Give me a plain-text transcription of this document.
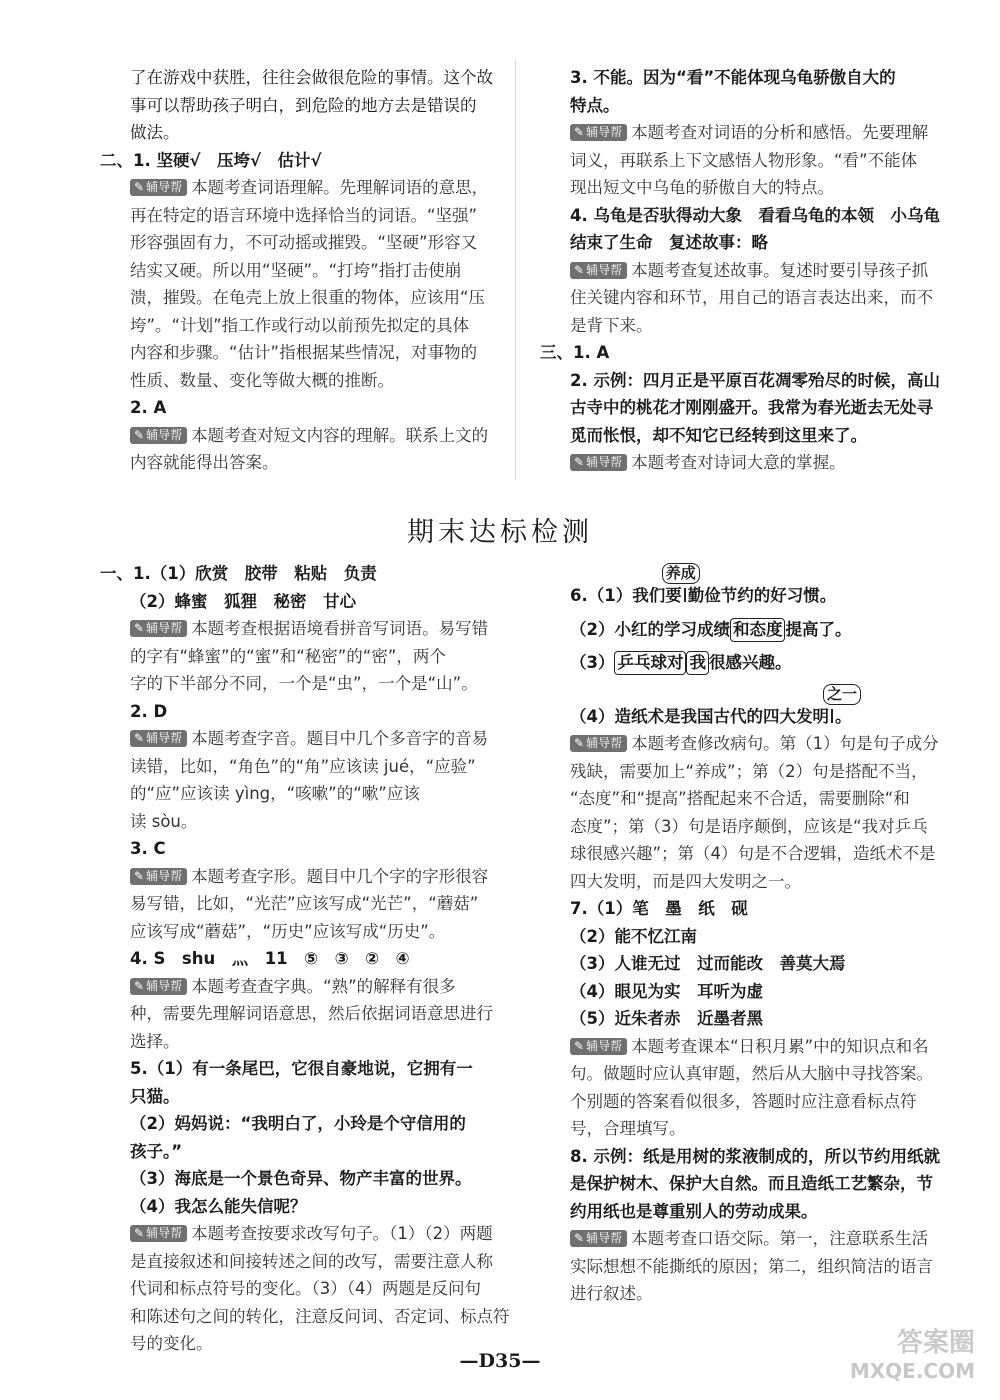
了在游戏中获胜，往往会做很危险的事情。这个故
事可以帮助孩子明白，到危险的地方去是错误的
做法。
二、1. 坚硬√　压垮√　估计√
✎ 辅导帮 本题考查词语理解。先理解词语的意思，
再在特定的语言环境中选择恰当的词语。“坚强”
形容强固有力，不可动摇或摧毁。“坚硬”形容又
结实又硬。所以用“坚硬”。“打垮”指打击使崩
溃，摧毁。在龟壳上放上很重的物体，应该用“压
垮”。“计划”指工作或行动以前预先拟定的具体
内容和步骤。“估计”指根据某些情况，对事物的
性质、数量、变化等做大概的推断。
2. A
✎ 辅导帮 本题考查对短文内容的理解。联系上文的
内容就能得出答案。
3. 不能。因为“看”不能体现乌龟骄傲自大的
特点。
✎ 辅导帮 本题考查对词语的分析和感悟。先要理解
词义，再联系上下文感悟人物形象。“看”不能体
现出短文中乌龟的骄傲自大的特点。
4. 乌龟是否驮得动大象　看看乌龟的本领　小乌龟
结束了生命　复述故事：略
✎ 辅导帮 本题考查复述故事。复述时要引导孩子抓
住关键内容和环节，用自己的语言表达出来，而不
是背下来。
三、1. A
2. 示例：四月正是平原百花凋零殆尽的时候，高山
古寺中的桃花才刚刚盛开。我常为春光逝去无处寻
觅而怅恨，却不知它已经转到这里来了。
✎ 辅导帮 本题考查对诗词大意的掌握。
期末达标检测
一、1.（1）欣赏　胶带　粘贴　负责
（2）蜂蜜　狐狸　秘密　甘心
✎ 辅导帮 本题考查根据语境看拼音写词语。易写错
的字有“蜂蜜”的“蜜”和“秘密”的“密”，两个
字的下半部分不同，一个是“虫”，一个是“山”。
2. D
✎ 辅导帮 本题考查字音。题目中几个多音字的音易
读错，比如，“角色”的“角”应该读 jué，“应验”
的“应”应该读 yìng，“咳嗽”的“嗽”应该
读 sòu。
3. C
✎ 辅导帮 本题考查字形。题目中几个字的字形很容
易写错，比如，“光茫”应该写成“光芒”，“蘑菇”
应该写成“蘑菇”，“历史”应该写成“历史”。
4. S　shu　灬　11　⑤　③　②　④
✎ 辅导帮 本题考查查字典。“熟”的解释有很多
种，需要先理解词语意思，然后依据词语意思进行
选择。
5.（1）有一条尾巴，它很自豪地说，它拥有一
只猫。
（2）妈妈说：“我明白了，小玲是个守信用的
孩子。”
（3）海底是一个景色奇异、物产丰富的世界。
（4）我怎么能失信呢？
✎ 辅导帮 本题考查按要求改写句子。（1）（2）两题
是直接叙述和间接转述之间的改写，需要注意人称
代词和标点符号的变化。（3）（4）两题是反问句
和陈述句之间的转化，注意反问词、否定词、标点符
号的变化。
6.（1）我们要
养成
勤俭节约的好习惯。
（2）小红的学习成绩 和态度 提高了。
（3） 乒乓球对 我 很感兴趣。
（4）造纸术是我国古代的四大发明
之一
。
✎ 辅导帮 本题考查修改病句。第（1）句是句子成分
残缺，需要加上“养成”；第（2）句是搭配不当，
“态度”和“提高”搭配起来不合适，需要删除“和
态度”；第（3）句是语序颠倒，应该是“我对乒乓
球很感兴趣”；第（4）句是不合逻辑，造纸术不是
四大发明，而是四大发明之一。
7.（1）笔　墨　纸　砚
（2）能不忆江南
（3）人谁无过　过而能改　善莫大焉
（4）眼见为实　耳听为虚
（5）近朱者赤　近墨者黑
✎ 辅导帮 本题考查课本“日积月累”中的知识点和名
句。做题时应认真审题，然后从大脑中寻找答案。
个别题的答案看似很多，答题时应注意看标点符
号，合理填写。
8. 示例：纸是用树的浆液制成的，所以节约用纸就
是保护树木、保护大自然。而且造纸工艺繁杂，节
约用纸也是尊重别人的劳动成果。
✎ 辅导帮 本题考查口语交际。第一，注意联系生活
实际想想不能撕纸的原因；第二，组织简洁的语言
进行叙述。
—D35—
答案圈
MXQE.COM
